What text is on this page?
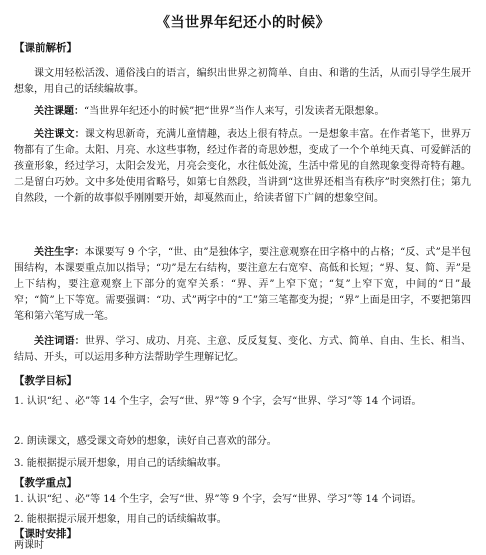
《当世界年纪还小的时候》
【课前解析】
课文用轻松活泼、通俗浅白的语言，编织出世界之初简单、自由、和谐的生活，从而引导学生展开想象，用自己的话续编故事。
关注课题：“当世界年纪还小的时候”把“世界”当作人来写，引发读者无限想象。
关注课文：课文构思新奇，充满儿童情趣，表达上很有特点。一是想象丰富。在作者笔下，世界万物都有了生命。太阳、月亮、水这些事物，经过作者的奇思妙想，变成了一个个单纯天真、可爱鲜活的孩童形象，经过学习，太阳会发光，月亮会变化，水往低处流，生活中常见的自然现象变得奇特有趣。二是留白巧妙。文中多处使用省略号，如第七自然段，当讲到“这世界还相当有秩序”时突然打住；第九自然段，一个新的故事似乎刚刚要开始，却戛然而止，给读者留下广阔的想象空间。
关注生字：本课要写 9 个字，“世、由”是独体字，要注意观察在田字格中的占格；“反、式”是半包围结构，本课要重点加以指导；“功”是左右结构，要注意左右宽窄、高低和长短；“界、复、简、弄”是上下结构，要注意观察上下部分的宽窄关系：“界、弄”上窄下宽；“复”上窄下宽，中间的“日”最窄；“简”上下等宽。需要强调：“功、式”两字中的“工”第三笔都变为提；“界”上面是田字，不要把第四笔和第六笔写成一笔。
关注词语：世界、学习、成功、月亮、主意、反反复复、变化、方式、简单、自由、生长、相当、结局、开头，可以运用多种方法帮助学生理解记忆。
【教学目标】
1. 认识“纪 、必”等 14 个生字，会写“世、界”等 9 个字，会写“世界、学习”等 14 个词语。
2. 朗读课文，感受课文奇妙的想象，读好自己喜欢的部分。
3. 能根据提示展开想象，用自己的话续编故事。
【教学重点】
1. 认识“纪 、必”等 14 个生字，会写“世、界”等 9 个字，会写“世界、学习”等 14 个词语。
2. 能根据提示展开想象，用自己的话续编故事。
【课时安排】
两课时
